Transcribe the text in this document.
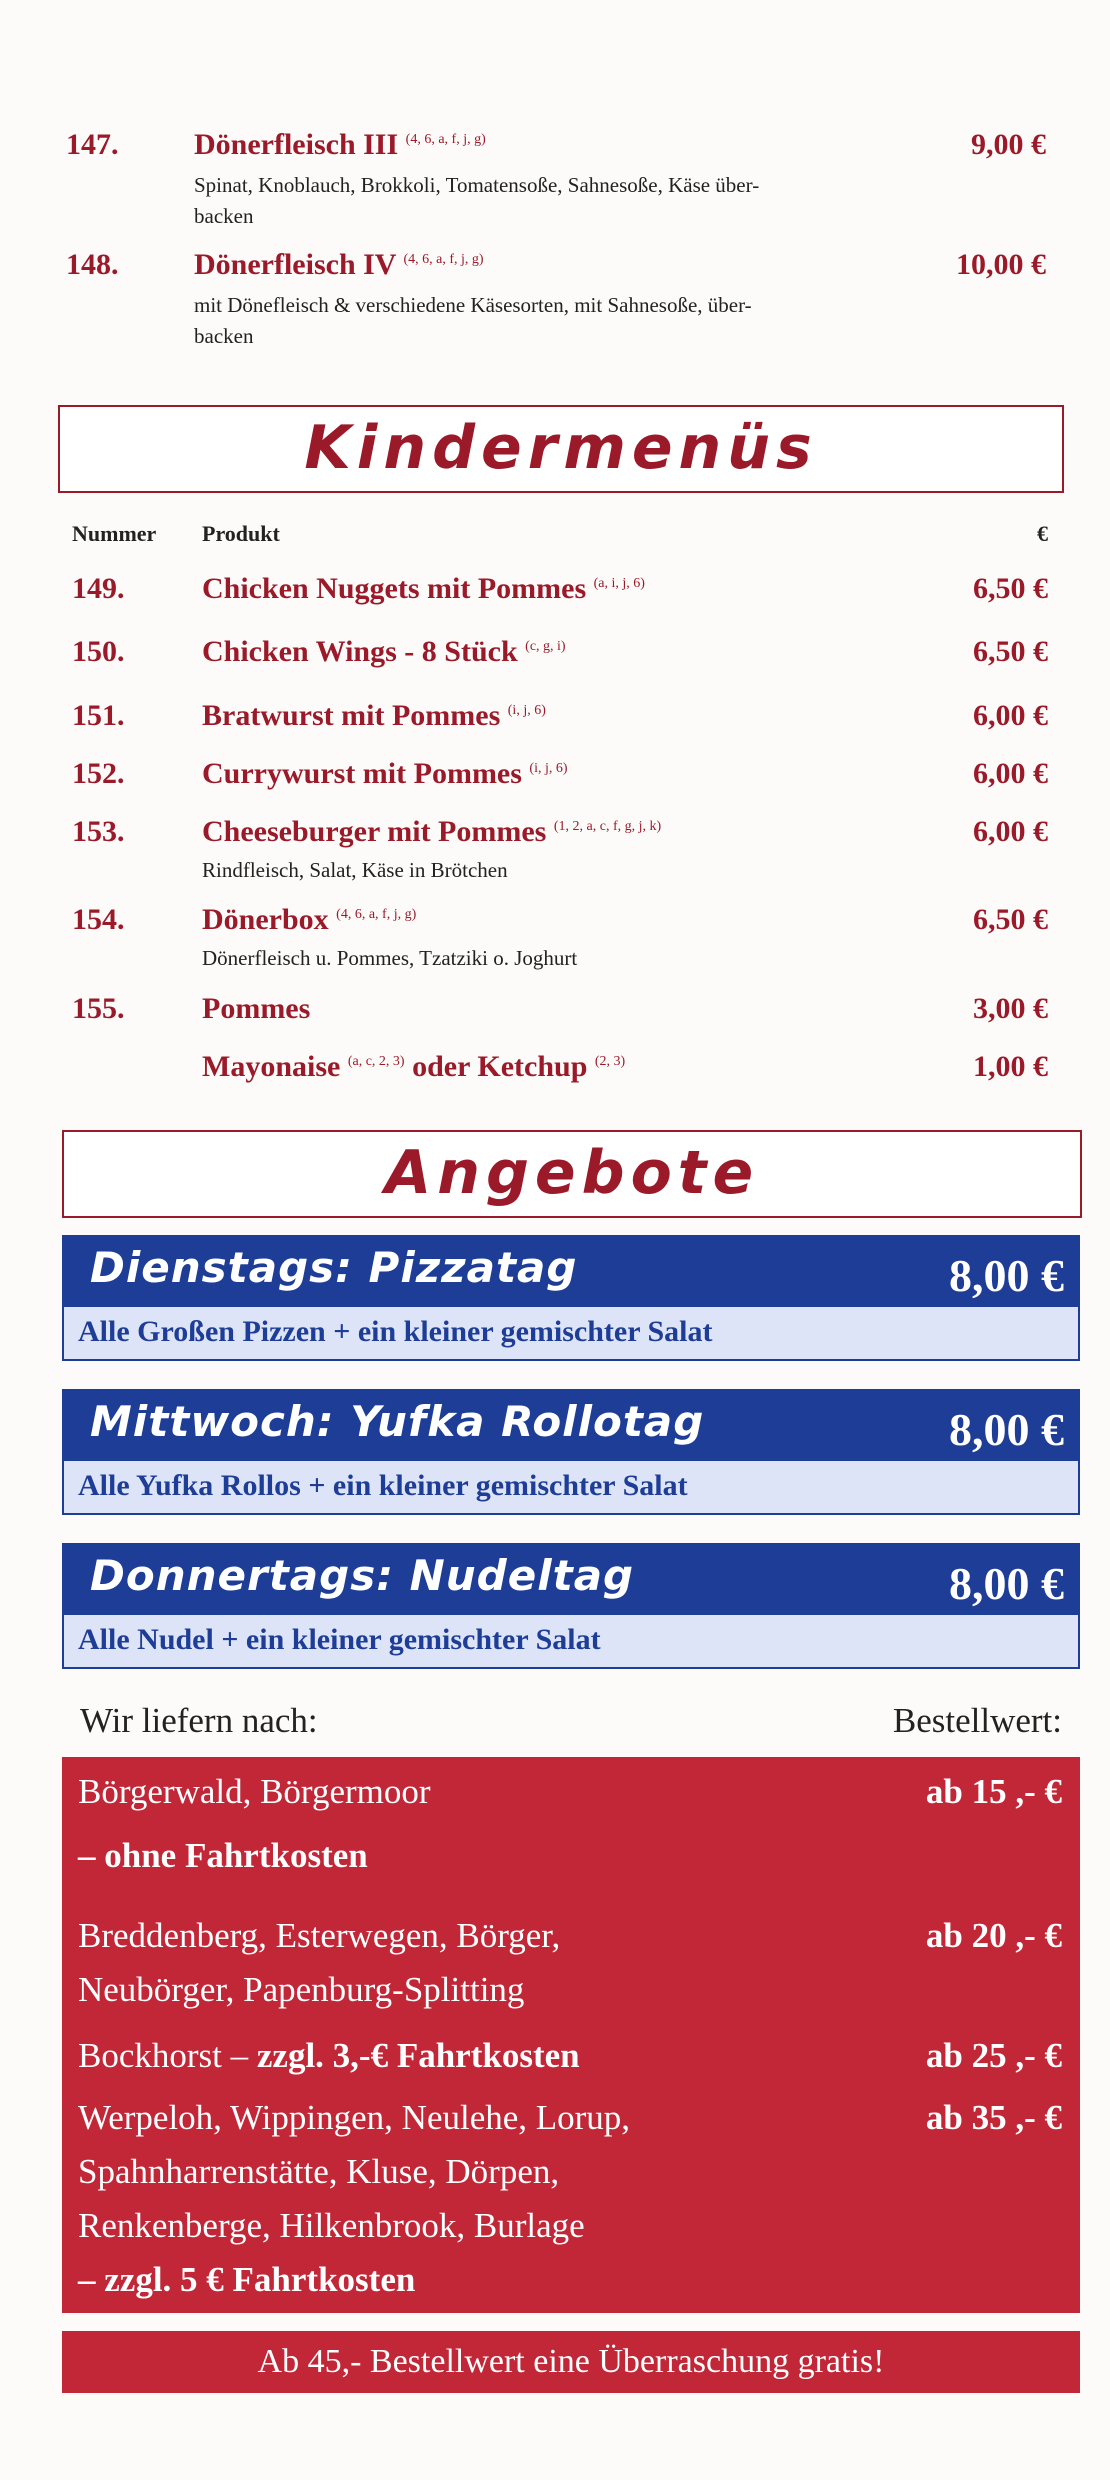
147.	Dönerfleisch III $^{(4, 6, a, f, j, g)}$
Spinat, Knoblauch, Brokkoli, Tomatensoße, Sahnesoße, Käse über-
backen
9,00 €
148.	Dönerfleisch IV $^{(4, 6, a, f, j, g)}$
mit Dönefleisch & verschiedene Käsesorten, mit Sahnesoße, über-
backen
10,00 €
Kindermenüs
Nummer Produkt	€
149.	Chicken Nuggets mit Pommes $^{(a, i, j, 6)}$	6,50 €
150.	Chicken Wings - 8 Stück $^{(c, g, i)}$	6,50 €
151.	Bratwurst mit Pommes $^{(i, j, 6)}$	6,00 €
152.	Currywurst mit Pommes $^{(i, j, 6)}$	6,00 €
153.	Cheeseburger mit Pommes $^{(1, 2, a, c, f, g, j, k)}$
Rindfleisch, Salat, Käse in Brötchen
6,00 €
154.	Dönerbox $^{(4, 6, a, f, j, g)}$
Dönerfleisch u. Pommes, Tzatziki o. Joghurt
6,50 €
155.	Pommes	3,00 €
Mayonaise $^{(a, c, 2, 3)}$ oder Ketchup $^{(2, 3)}$	1,00 €
Angebote
Dienstags: Pizzatag	8,00 €
Alle Großen Pizzen + ein kleiner gemischter Salat
Mittwoch: Yufka Rollotag	8,00 €
Alle Yufka Rollos + ein kleiner gemischter Salat
Donnertags: Nudeltag	8,00 €
Alle Nudel + ein kleiner gemischter Salat
Wir liefern nach:	Bestellwert:
Börgerwald, Börgermoor	ab 15 ,- €
– ohne Fahrtkosten
Breddenberg, Esterwegen, Börger,
Neubörger, Papenburg-Splitting
ab 20 ,- €
Bockhorst – zzgl. 3,-€ Fahrtkosten	ab 25 ,- €
Werpeloh, Wippingen, Neulehe, Lorup,
Spahnharrenstätte, Kluse, Dörpen,
Renkenberge, Hilkenbrook, Burlage
– zzgl. 5 € Fahrtkosten
ab 35 ,- €
Ab 45,- Bestellwert eine Überraschung gratis!
